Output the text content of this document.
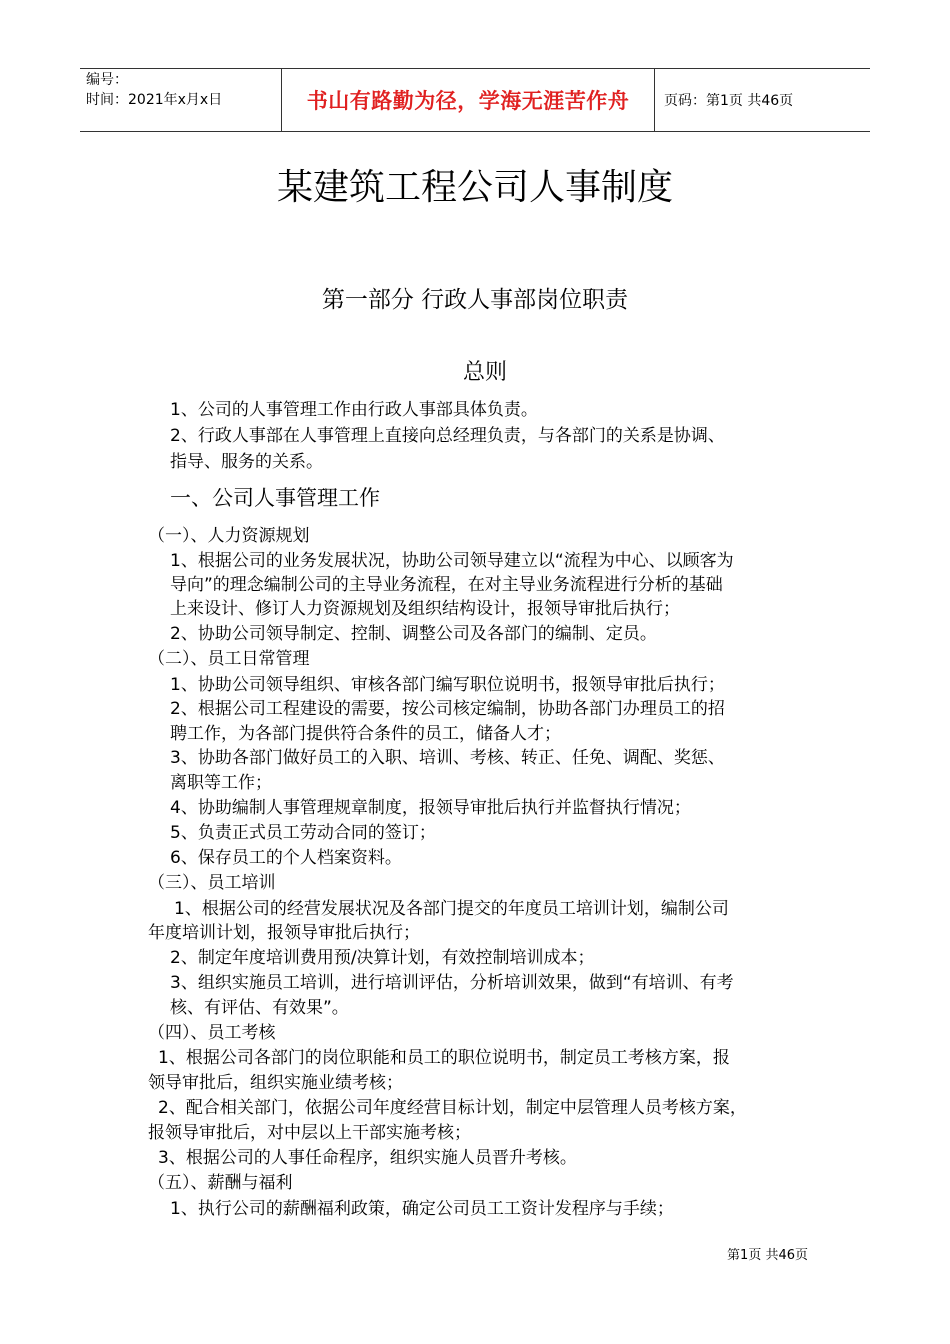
编号：
时间：2021年x月x日	书山有路勤为径，学海无涯苦作舟 页码：第1页 共46页
某建筑工程公司人事制度
第一部分 行政人事部岗位职责
总则
1、公司的人事管理工作由行政人事部具体负责。
2、行政人事部在人事管理上直接向总经理负责，与各部门的关系是协调、
指导、服务的关系。
一、公司人事管理工作
（一）、人力资源规划
1、根据公司的业务发展状况，协助公司领导建立以“流程为中心、以顾客为
导向”的理念编制公司的主导业务流程，在对主导业务流程进行分析的基础
上来设计、修订人力资源规划及组织结构设计，报领导审批后执行；
2、协助公司领导制定、控制、调整公司及各部门的编制、定员。
（二）、员工日常管理
1、协助公司领导组织、审核各部门编写职位说明书，报领导审批后执行；
2、根据公司工程建设的需要，按公司核定编制，协助各部门办理员工的招
聘工作，为各部门提供符合条件的员工，储备人才；
3、协助各部门做好员工的入职、培训、考核、转正、任免、调配、奖惩、
离职等工作；
4、协助编制人事管理规章制度，报领导审批后执行并监督执行情况；
5、负责正式员工劳动合同的签订；
6、保存员工的个人档案资料。
（三）、员工培训
1、根据公司的经营发展状况及各部门提交的年度员工培训计划，编制公司
年度培训计划，报领导审批后执行；
2、制定年度培训费用预/决算计划，有效控制培训成本；
3、组织实施员工培训，进行培训评估，分析培训效果，做到“有培训、有考
核、有评估、有效果”。
（四）、员工考核
1、根据公司各部门的岗位职能和员工的职位说明书，制定员工考核方案，报
领导审批后，组织实施业绩考核；
2、配合相关部门，依据公司年度经营目标计划，制定中层管理人员考核方案，
报领导审批后，对中层以上干部实施考核；
3、根据公司的人事任命程序，组织实施人员晋升考核。
（五）、薪酬与福利
1、执行公司的薪酬福利政策，确定公司员工工资计发程序与手续；
第1页 共46页
